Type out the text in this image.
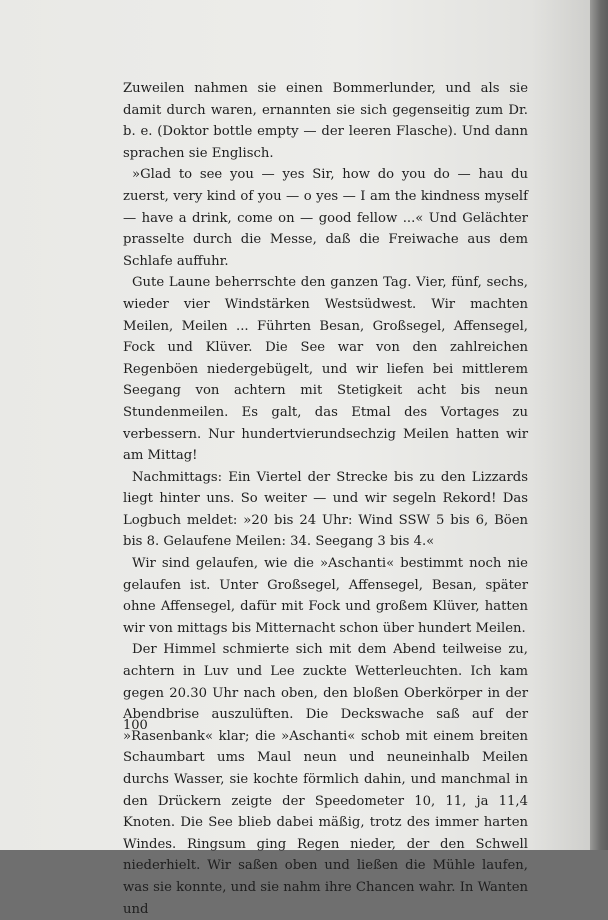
Zuweilen nahmen sie einen Bommerlunder, und als sie damit durch waren, ernannten sie sich gegenseitig zum Dr. b. e. (Doktor bottle empty — der leeren Flasche). Und dann sprachen sie Englisch.

»Glad to see you — yes Sir, how do you do — hau du zuerst, very kind of you — o yes — I am the kindness myself — have a drink, come on — good fellow ...« Und Gelächter prasselte durch die Messe, daß die Freiwache aus dem Schlafe auffuhr.

Gute Laune beherrschte den ganzen Tag. Vier, fünf, sechs, wieder vier Windstärken Westsüdwest. Wir machten Meilen, Meilen ... Führten Besan, Großsegel, Affensegel, Fock und Klüver. Die See war von den zahlreichen Regenböen niedergebügelt, und wir liefen bei mittlerem Seegang von achtern mit Stetigkeit acht bis neun Stundenmeilen. Es galt, das Etmal des Vortages zu verbessern. Nur hundertvierundsechzig Meilen hatten wir am Mittag!

Nachmittags: Ein Viertel der Strecke bis zu den Lizzards liegt hinter uns. So weiter — und wir segeln Rekord! Das Logbuch meldet: »20 bis 24 Uhr: Wind SSW 5 bis 6, Böen bis 8. Gelaufene Meilen: 34. Seegang 3 bis 4.«

Wir sind gelaufen, wie die »Aschanti« bestimmt noch nie gelaufen ist. Unter Großsegel, Affensegel, Besan, später ohne Affensegel, dafür mit Fock und großem Klüver, hatten wir von mittags bis Mitternacht schon über hundert Meilen.

Der Himmel schmierte sich mit dem Abend teilweise zu, achtern in Luv und Lee zuckte Wetterleuchten. Ich kam gegen 20.30 Uhr nach oben, den bloßen Oberkörper in der Abendbrise auszulüften. Die Deckswache saß auf der »Rasenbank« klar; die »Aschanti« schob mit einem breiten Schaumbart ums Maul neun und neuneinhalb Meilen durchs Wasser, sie kochte förmlich dahin, und manchmal in den Drückern zeigte der Speedometer 10, 11, ja 11,4 Knoten. Die See blieb dabei mäßig, trotz des immer harten Windes. Ringsum ging Regen nieder, der den Schwell niederhielt. Wir saßen oben und ließen die Mühle laufen, was sie konnte, und sie nahm ihre Chancen wahr. In Wanten und

100
